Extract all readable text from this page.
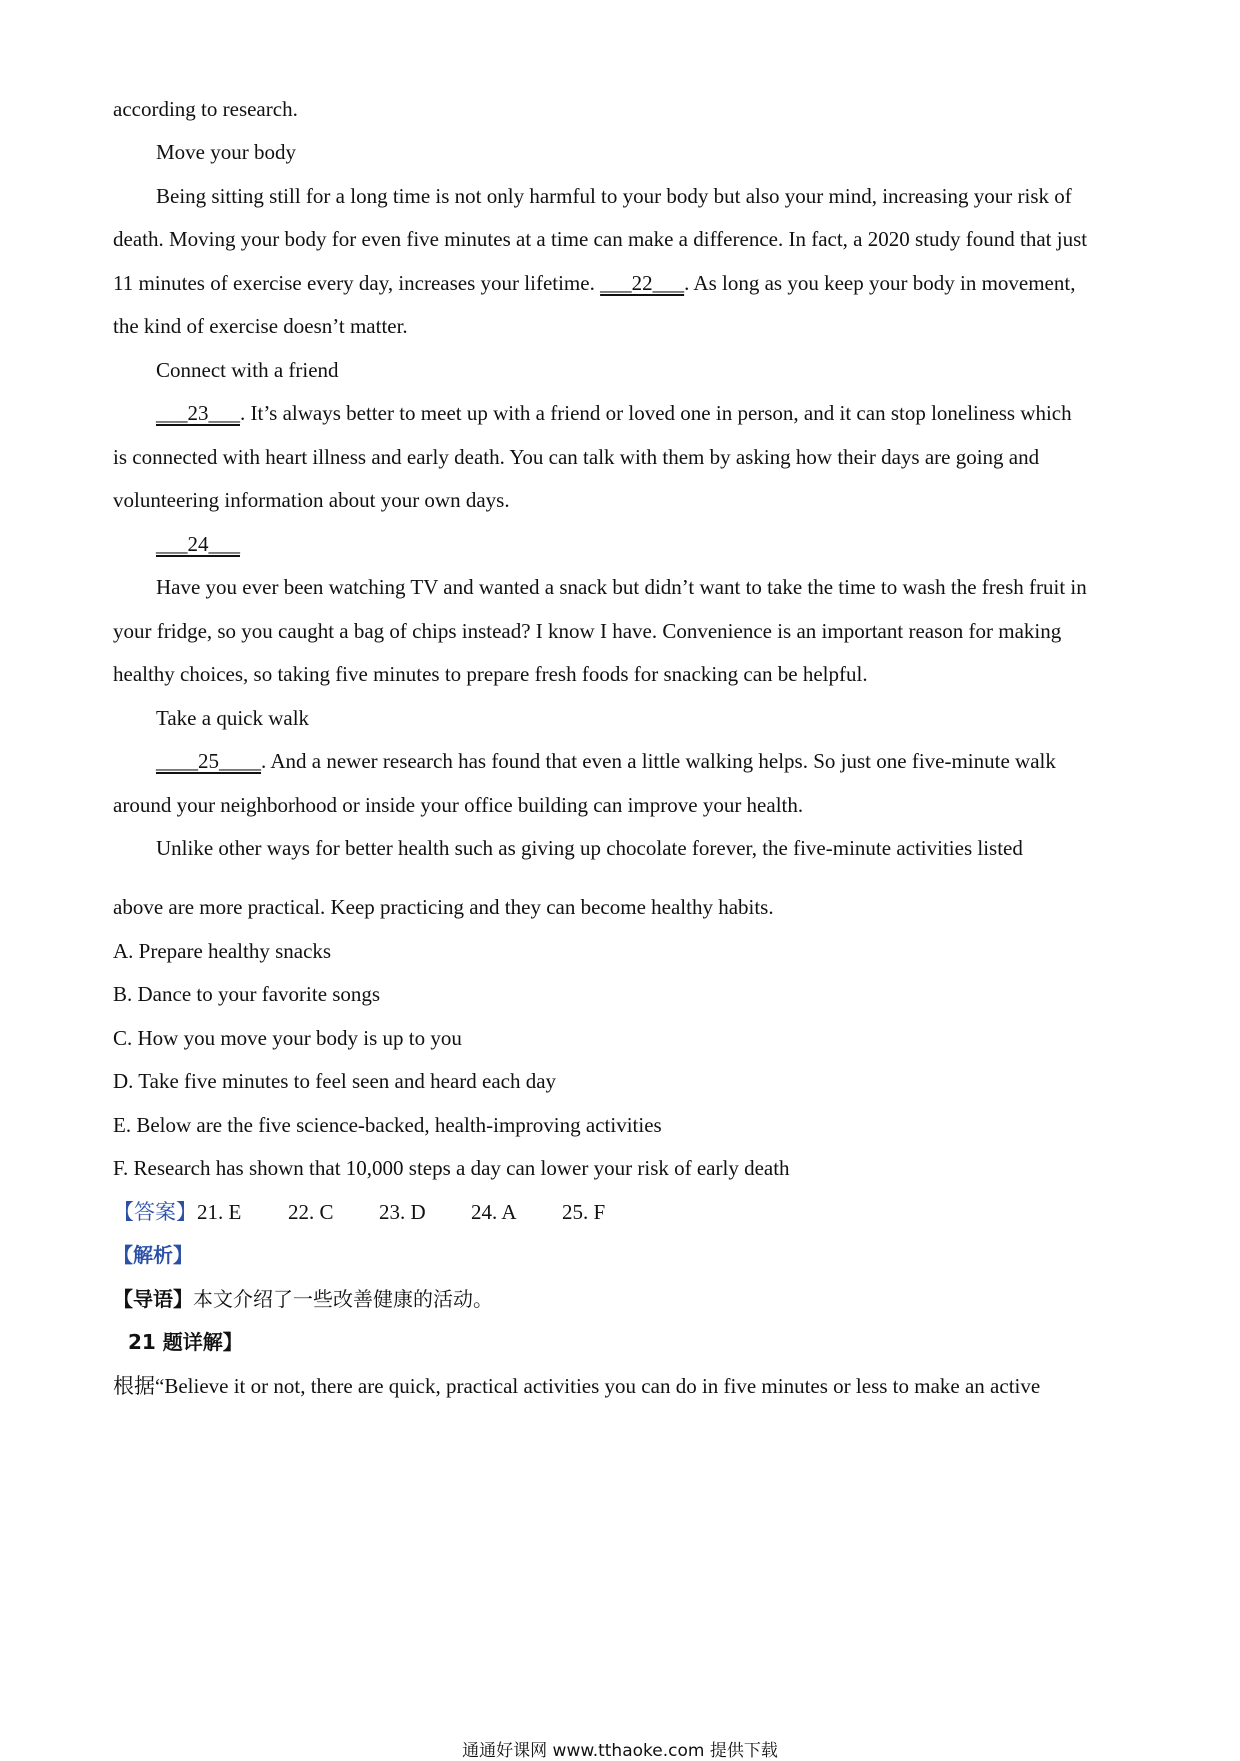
according to research.
Move your body
Being sitting still for a long time is not only harmful to your body but also your mind, increasing your risk of
death. Moving your body for even five minutes at a time can make a difference. In fact, a 2020 study found that just
11 minutes of exercise every day, increases your lifetime. ___22___. As long as you keep your body in movement,
the kind of exercise doesn’t matter.
Connect with a friend
___23___. It’s always better to meet up with a friend or loved one in person, and it can stop loneliness which
is connected with heart illness and early death. You can talk with them by asking how their days are going and
volunteering information about your own days.
___24___
Have you ever been watching TV and wanted a snack but didn’t want to take the time to wash the fresh fruit in
your fridge, so you caught a bag of chips instead? I know I have. Convenience is an important reason for making
healthy choices, so taking five minutes to prepare fresh foods for snacking can be helpful.
Take a quick walk
____25____. And a newer research has found that even a little walking helps. So just one five-minute walk
around your neighborhood or inside your office building can improve your health.
Unlike other ways for better health such as giving up chocolate forever, the five-minute activities listed
above are more practical. Keep practicing and they can become healthy habits.
A. Prepare healthy snacks
B. Dance to your favorite songs
C. How you move your body is up to you
D. Take five minutes to feel seen and heard each day
E. Below are the five science-backed, health-improving activities
F. Research has shown that 10,000 steps a day can lower your risk of early death
【答案】21. E 22. C 23. D 24. A 25. F
【解析】
【导语】本文介绍了一些改善健康的活动。
21 题详解】
根据“Believe it or not, there are quick, practical activities you can do in five minutes or less to make an active
通通好课网 www.tthaoke.com 提供下载
